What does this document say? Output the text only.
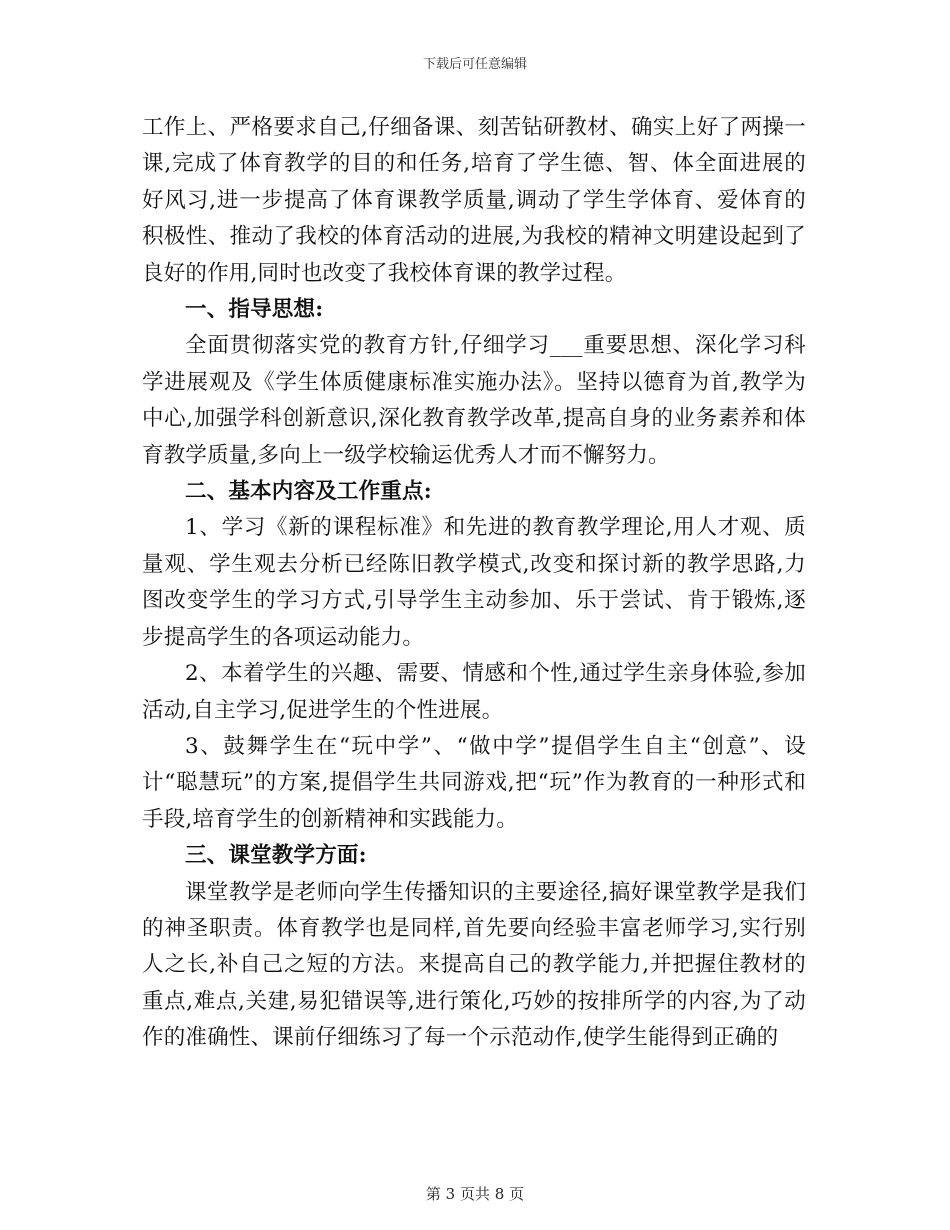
下载后可任意编辑

工作上、严格要求自己,仔细备课、刻苦钻研教材、确实上好了两操一课,完成了体育教学的目的和任务,培育了学生德、智、体全面进展的好风习,进一步提高了体育课教学质量,调动了学生学体育、爱体育的积极性、推动了我校的体育活动的进展,为我校的精神文明建设起到了良好的作用,同时也改变了我校体育课的教学过程。

一、指导思想:

全面贯彻落实党的教育方针,仔细学习___重要思想、深化学习科学进展观及《学生体质健康标准实施办法》。坚持以德育为首,教学为中心,加强学科创新意识,深化教育教学改革,提高自身的业务素养和体育教学质量,多向上一级学校输运优秀人才而不懈努力。

二、基本内容及工作重点:

1、学习《新的课程标准》和先进的教育教学理论,用人才观、质量观、学生观去分析已经陈旧教学模式,改变和探讨新的教学思路,力图改变学生的学习方式,引导学生主动参加、乐于尝试、肯于锻炼,逐步提高学生的各项运动能力。

2、本着学生的兴趣、需要、情感和个性,通过学生亲身体验,参加活动,自主学习,促进学生的个性进展。

3、鼓舞学生在“玩中学”、“做中学”提倡学生自主“创意”、设计“聪慧玩”的方案,提倡学生共同游戏,把“玩”作为教育的一种形式和手段,培育学生的创新精神和实践能力。

三、课堂教学方面:

课堂教学是老师向学生传播知识的主要途径,搞好课堂教学是我们的神圣职责。体育教学也是同样,首先要向经验丰富老师学习,实行别人之长,补自己之短的方法。来提高自己的教学能力,并把握住教材的重点,难点,关建,易犯错误等,进行策化,巧妙的按排所学的内容,为了动作的准确性、课前仔细练习了每一个示范动作,使学生能得到正确的

第 3 页共 8 页
